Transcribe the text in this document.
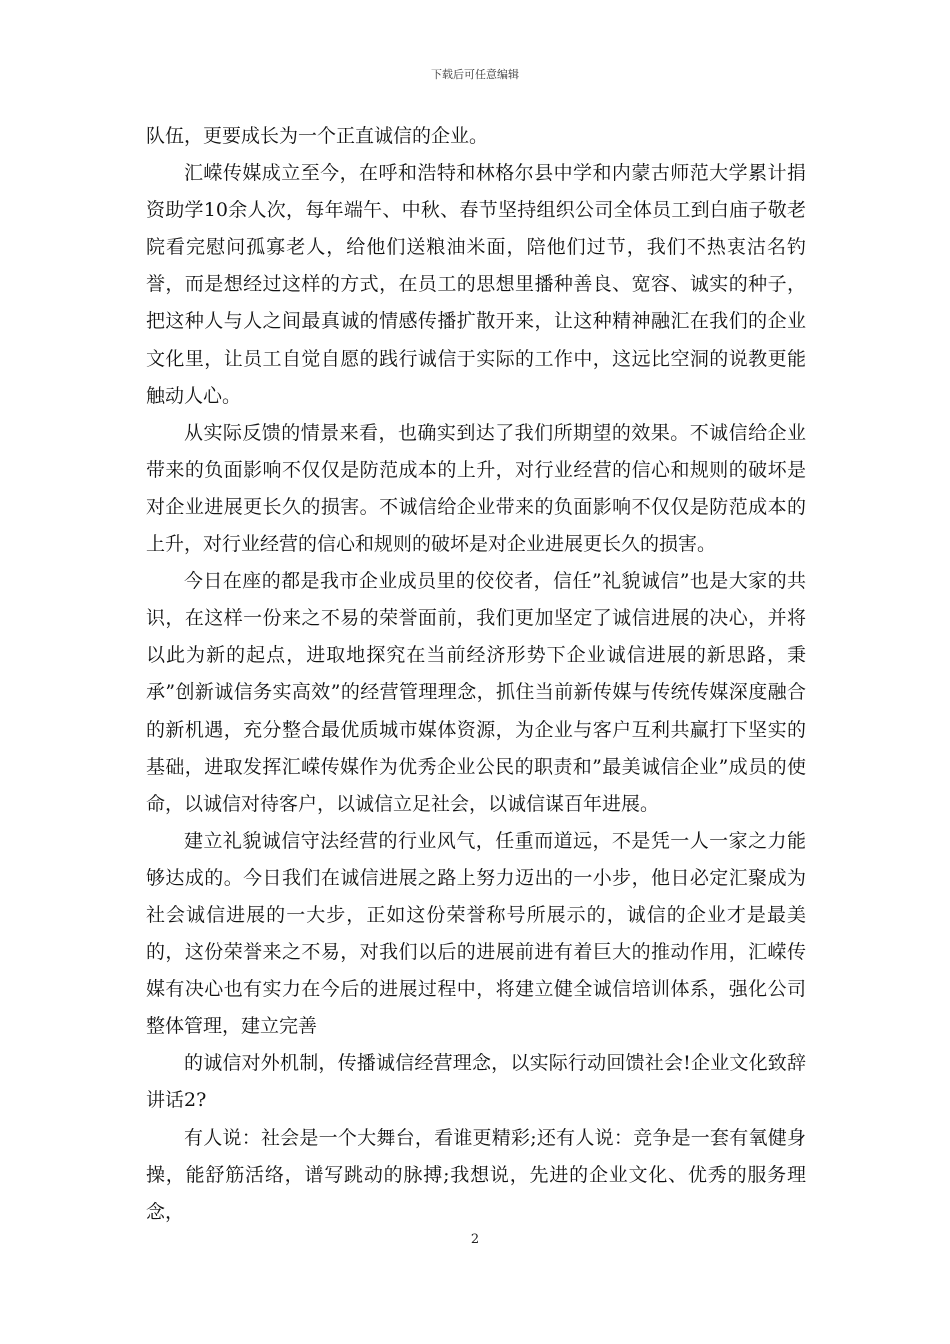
下载后可任意编辑

队伍，更要成长为一个正直诚信的企业。

汇嵘传媒成立至今，在呼和浩特和林格尔县中学和内蒙古师范大学累计捐资助学10余人次，每年端午、中秋、春节坚持组织公司全体员工到白庙子敬老院看完慰问孤寡老人，给他们送粮油米面，陪他们过节，我们不热衷沽名钓誉，而是想经过这样的方式，在员工的思想里播种善良、宽容、诚实的种子，把这种人与人之间最真诚的情感传播扩散开来，让这种精神融汇在我们的企业文化里，让员工自觉自愿的践行诚信于实际的工作中，这远比空洞的说教更能触动人心。

从实际反馈的情景来看，也确实到达了我们所期望的效果。不诚信给企业带来的负面影响不仅仅是防范成本的上升，对行业经营的信心和规则的破坏是对企业进展更长久的损害。不诚信给企业带来的负面影响不仅仅是防范成本的上升，对行业经营的信心和规则的破坏是对企业进展更长久的损害。

今日在座的都是我市企业成员里的佼佼者，信任”礼貌诚信”也是大家的共识，在这样一份来之不易的荣誉面前，我们更加坚定了诚信进展的决心，并将以此为新的起点，进取地探究在当前经济形势下企业诚信进展的新思路，秉承”创新诚信务实高效”的经营管理理念，抓住当前新传媒与传统传媒深度融合的新机遇，充分整合最优质城市媒体资源，为企业与客户互利共赢打下坚实的基础，进取发挥汇嵘传媒作为优秀企业公民的职责和”最美诚信企业”成员的使命，以诚信对待客户，以诚信立足社会，以诚信谋百年进展。

建立礼貌诚信守法经营的行业风气，任重而道远，不是凭一人一家之力能够达成的。今日我们在诚信进展之路上努力迈出的一小步，他日必定汇聚成为社会诚信进展的一大步，正如这份荣誉称号所展示的，诚信的企业才是最美的，这份荣誉来之不易，对我们以后的进展前进有着巨大的推动作用，汇嵘传媒有决心也有实力在今后的进展过程中，将建立健全诚信培训体系，强化公司整体管理，建立完善

的诚信对外机制，传播诚信经营理念，以实际行动回馈社会!企业文化致辞讲话2?

有人说：社会是一个大舞台，看谁更精彩;还有人说：竞争是一套有氧健身操，能舒筋活络，谱写跳动的脉搏;我想说，先进的企业文化、优秀的服务理念，

2
